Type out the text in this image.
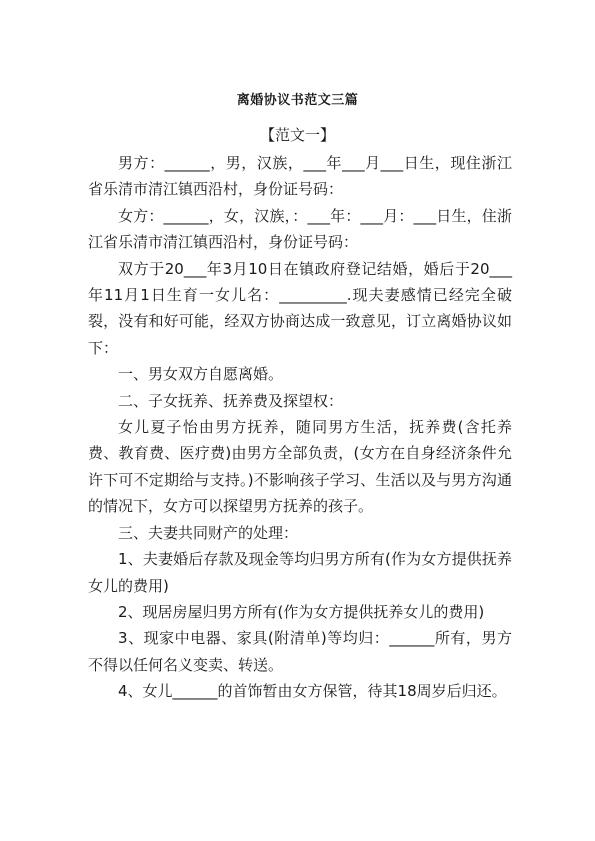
离婚协议书范文三篇
【范文一】

男方：______，男，汉族，___年___月___日生，现住浙江省乐清市清江镇西沿村，身份证号码：

女方：______，女，汉族，：___年：___月：___日生，住浙江省乐清市清江镇西沿村，身份证号码：

双方于20___年3月10日在镇政府登记结婚，婚后于20___年11月1日生育一女儿名：_________.现夫妻感情已经完全破裂，没有和好可能，经双方协商达成一致意见，订立离婚协议如下：

一、男女双方自愿离婚。

二、子女抚养、抚养费及探望权：

女儿夏子怡由男方抚养，随同男方生活，抚养费(含托养费、教育费、医疗费)由男方全部负责，(女方在自身经济条件允许下可不定期给与支持。)不影响孩子学习、生活以及与男方沟通的情况下，女方可以探望男方抚养的孩子。

三、夫妻共同财产的处理：

1、夫妻婚后存款及现金等均归男方所有(作为女方提供抚养女儿的费用)

2、现居房屋归男方所有(作为女方提供抚养女儿的费用)

3、现家中电器、家具(附清单)等均归：______所有，男方不得以任何名义变卖、转送。

4、女儿______的首饰暂由女方保管，待其18周岁后归还。
